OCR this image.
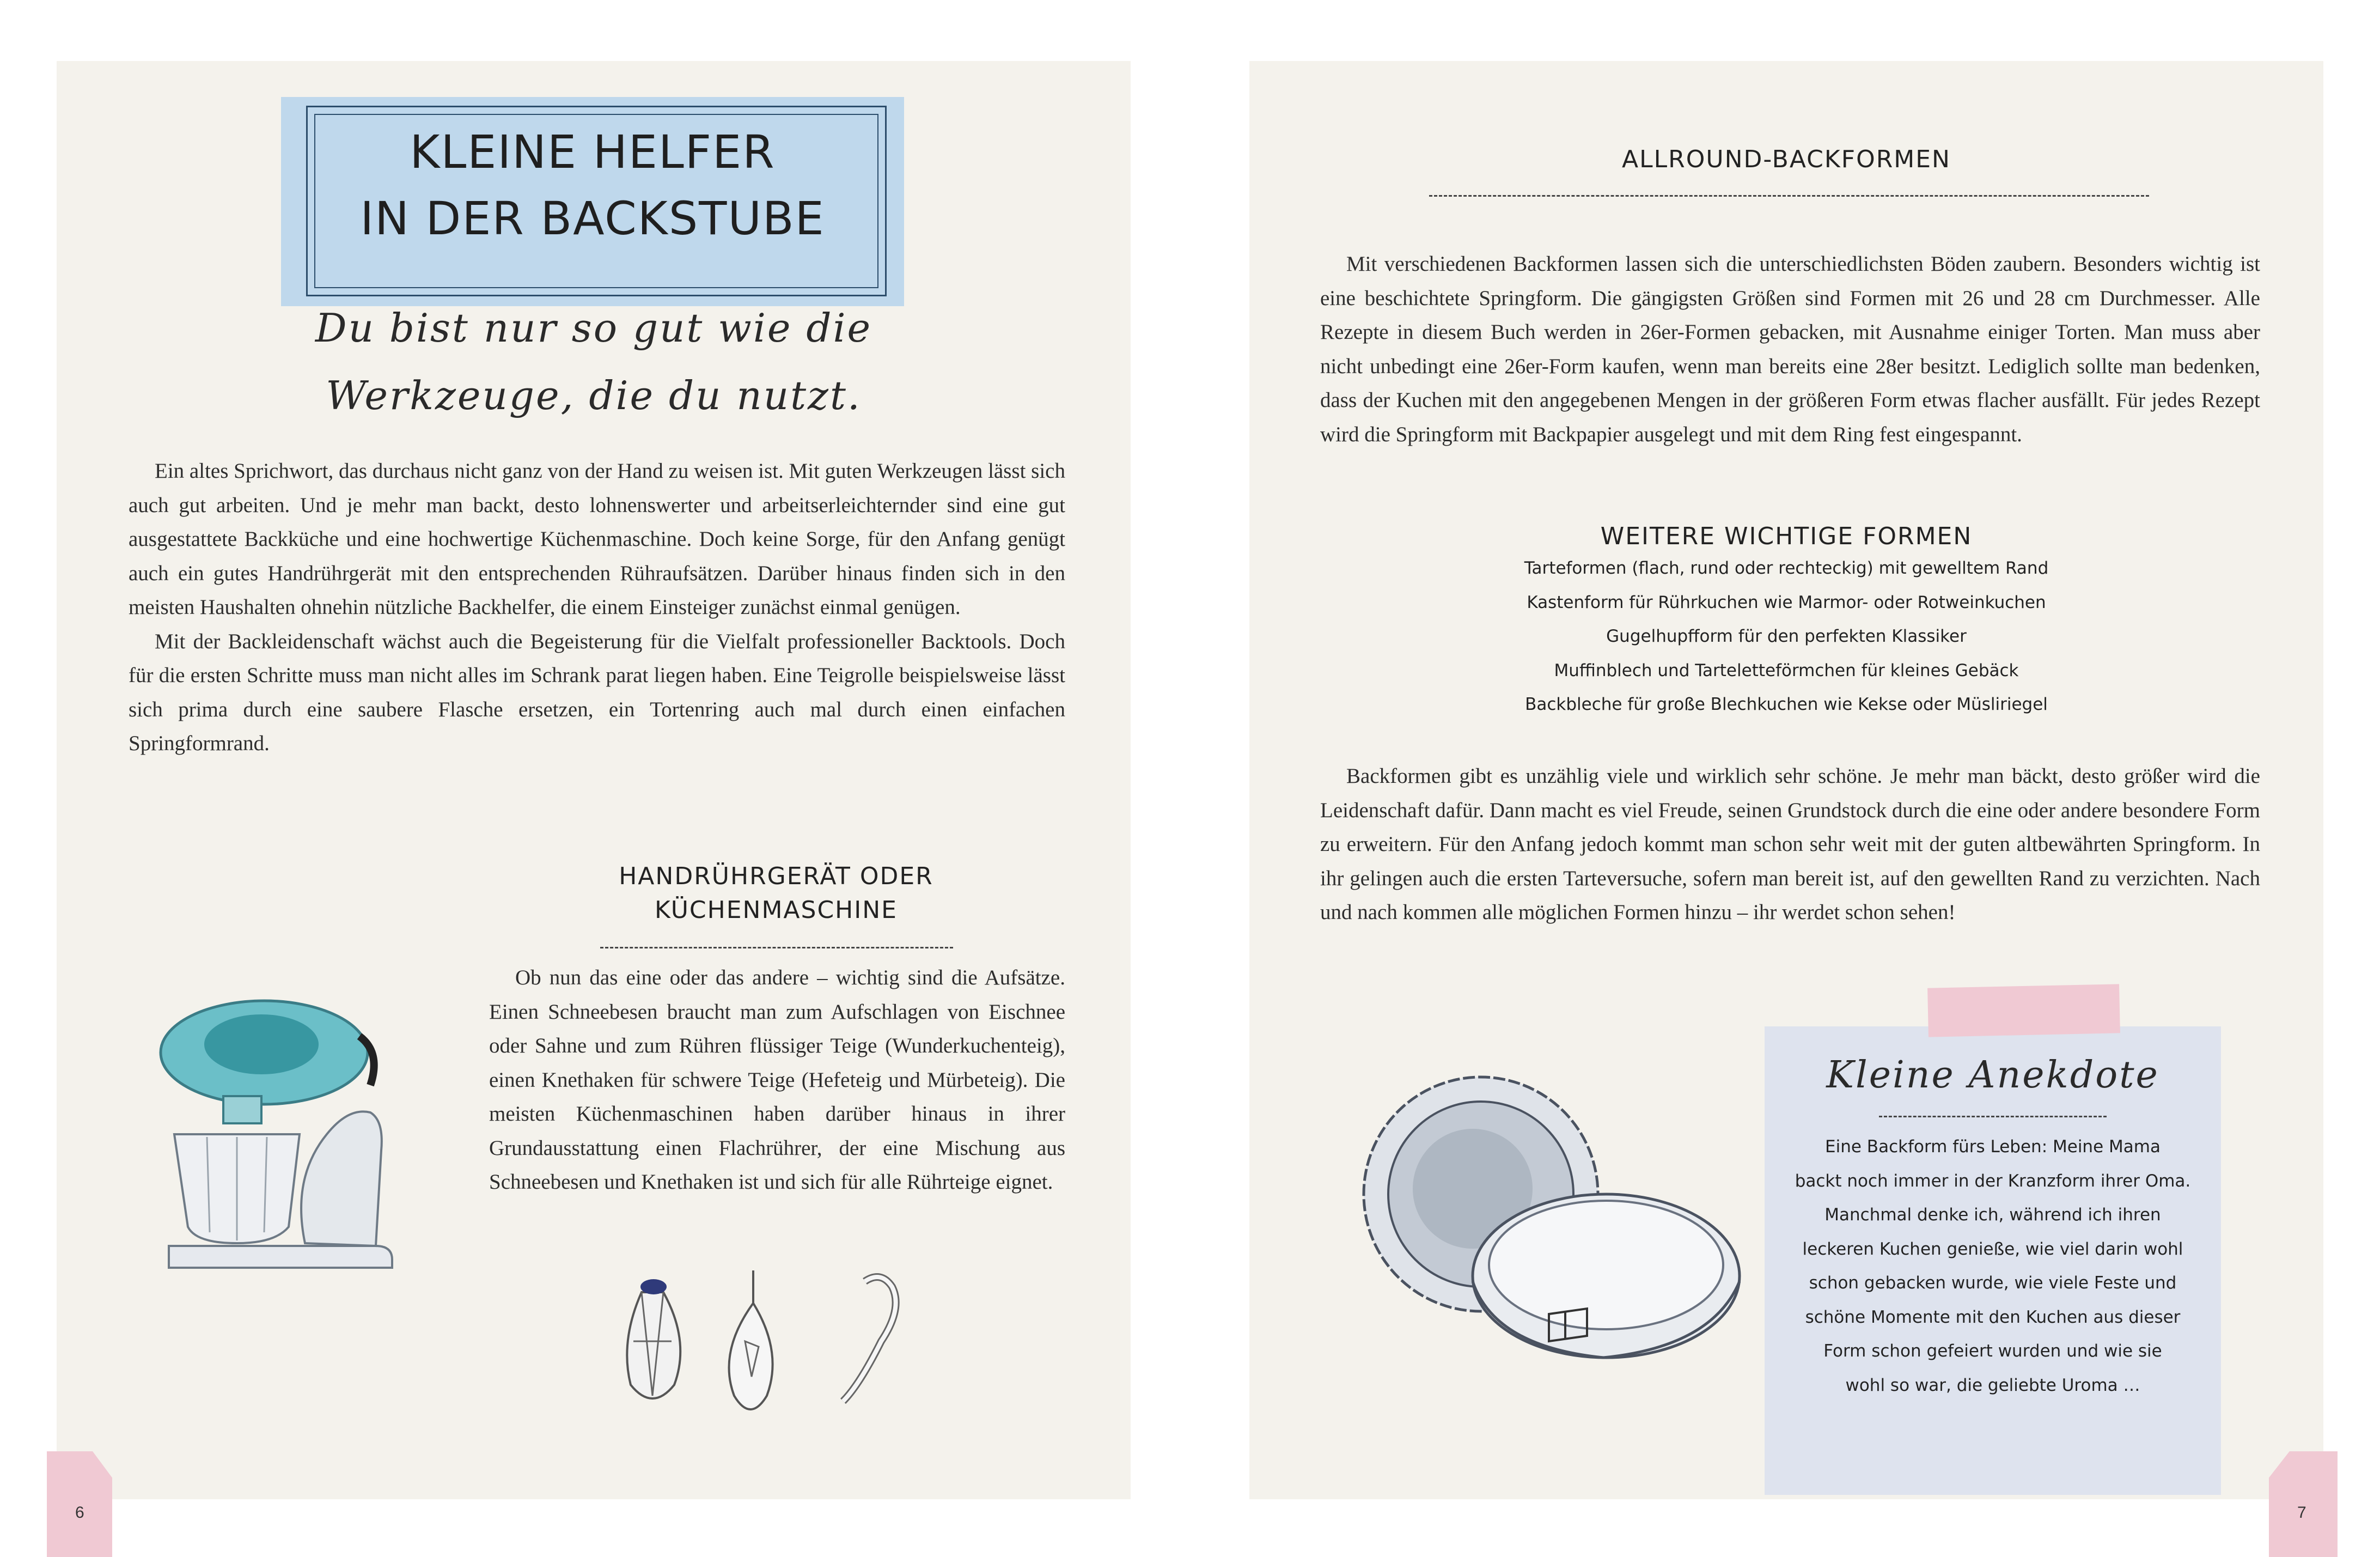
KLEINE HELFER
IN DER BACKSTUBE
Du bist nur so gut wie die
Werkzeuge, die du nutzt.

Ein altes Sprichwort, das durchaus nicht ganz von der Hand zu weisen ist. Mit guten Werkzeugen lässt sich auch gut arbeiten. Und je mehr man backt, desto lohnenswerter und arbeitserleichternder sind eine gut ausgestattete Backküche und eine hochwertige Küchenmaschine. Doch keine Sorge, für den Anfang genügt auch ein gutes Handrührgerät mit den entsprechenden Rühraufsätzen. Darüber hinaus finden sich in den meisten Haushalten ohnehin nützliche Backhelfer, die einem Einsteiger zunächst einmal genügen.

Mit der Backleidenschaft wächst auch die Begeisterung für die Vielfalt professioneller Backtools. Doch für die ersten Schritte muss man nicht alles im Schrank parat liegen haben. Eine Teigrolle beispielsweise lässt sich prima durch eine saubere Flasche ersetzen, ein Tortenring auch mal durch einen einfachen Springformrand.

HANDRÜHRGERÄT ODER
KÜCHENMASCHINE

Ob nun das eine oder das andere – wichtig sind die Aufsätze. Einen Schneebesen braucht man zum Aufschlagen von Eischnee oder Sahne und zum Rühren flüssiger Teige (Wunderkuchenteig), einen Knethaken für schwere Teige (Hefeteig und Mürbeteig). Die meisten Küchenmaschinen haben darüber hinaus in ihrer Grundausstattung einen Flachrührer, der eine Mischung aus Schneebesen und Knethaken ist und sich für alle Rührteige eignet.

6
ALLROUND-BACKFORMEN

Mit verschiedenen Backformen lassen sich die unterschiedlichsten Böden zaubern. Besonders wichtig ist eine beschichtete Springform. Die gängigsten Größen sind Formen mit 26 und 28 cm Durchmesser. Alle Rezepte in diesem Buch werden in 26er-Formen gebacken, mit Ausnahme einiger Torten. Man muss aber nicht unbedingt eine 26er-Form kaufen, wenn man bereits eine 28er besitzt. Lediglich sollte man bedenken, dass der Kuchen mit den angegebenen Mengen in der größeren Form etwas flacher ausfällt. Für jedes Rezept wird die Springform mit Backpapier ausgelegt und mit dem Ring fest eingespannt.

WEITERE WICHTIGE FORMEN
Tarteformen (flach, rund oder rechteckig) mit gewelltem Rand
Kastenform für Rührkuchen wie Marmor- oder Rotweinkuchen
Gugelhupfform für den perfekten Klassiker
Muffinblech und Tarteletteförmchen für kleines Gebäck
Backbleche für große Blechkuchen wie Kekse oder Müsliriegel

Backformen gibt es unzählig viele und wirklich sehr schöne. Je mehr man bäckt, desto größer wird die Leidenschaft dafür. Dann macht es viel Freude, seinen Grundstock durch die eine oder andere besondere Form zu erweitern. Für den Anfang jedoch kommt man schon sehr weit mit der guten altbewährten Springform. In ihr gelingen auch die ersten Tarteversuche, sofern man bereit ist, auf den gewellten Rand zu verzichten. Nach und nach kommen alle möglichen Formen hinzu – ihr werdet schon sehen!

Kleine Anekdote
Eine Backform fürs Leben: Meine Mama
backt noch immer in der Kranzform ihrer Oma.
Manchmal denke ich, während ich ihren
leckeren Kuchen genieße, wie viel darin wohl
schon gebacken wurde, wie viele Feste und
schöne Momente mit den Kuchen aus dieser
Form schon gefeiert wurden und wie sie
wohl so war, die geliebte Uroma …
7
